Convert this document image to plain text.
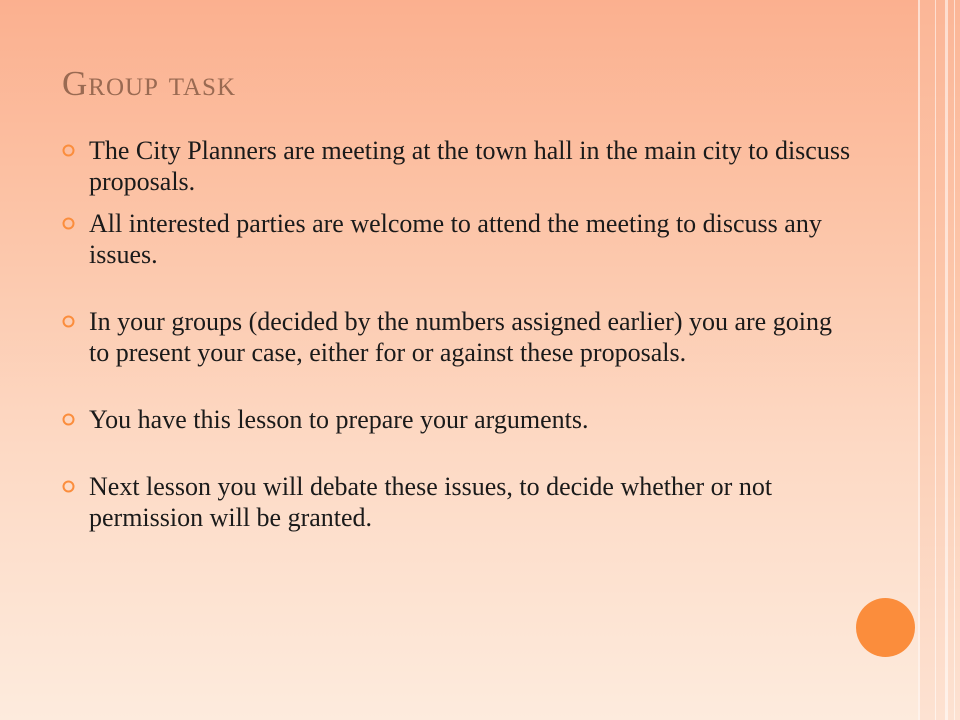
Group task
The City Planners are meeting at the town hall in the main city to discuss proposals.
All interested parties are welcome to attend the meeting to discuss any issues.
In your groups (decided by the numbers assigned earlier) you are going to present your case, either for or against these proposals.
You have this lesson to prepare your arguments.
Next lesson you will debate these issues, to decide whether or not permission will be granted.
